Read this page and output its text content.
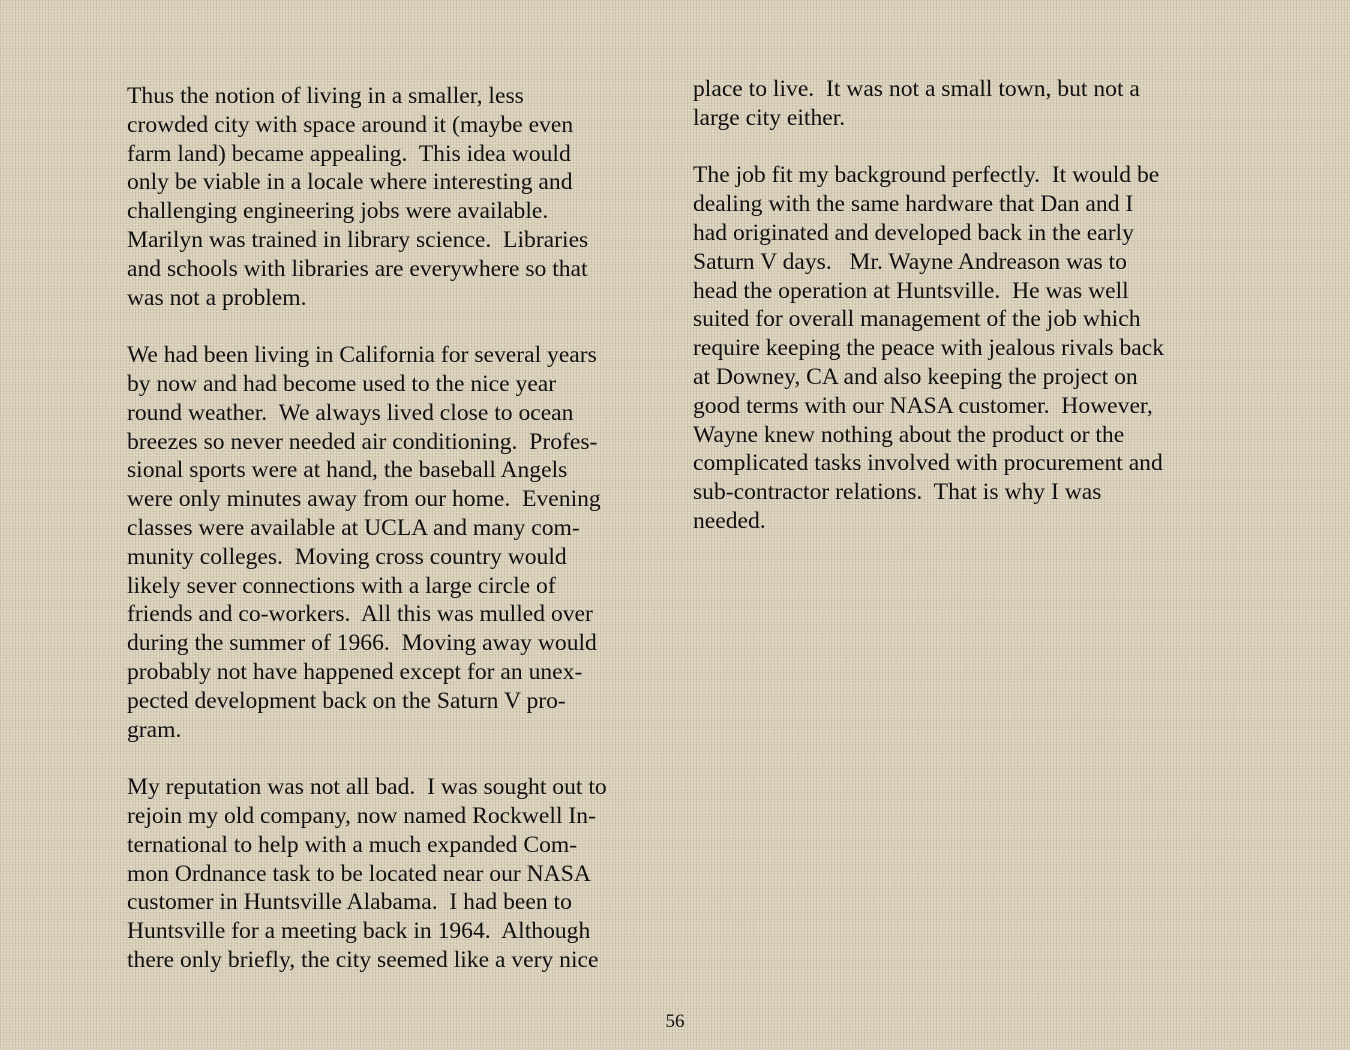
Thus the notion of living in a smaller, less
crowded city with space around it (maybe even
farm land) became appealing.  This idea would
only be viable in a locale where interesting and
challenging engineering jobs were available.
Marilyn was trained in library science.  Libraries
and schools with libraries are everywhere so that
was not a problem.
We had been living in California for several years
by now and had become used to the nice year
round weather.  We always lived close to ocean
breezes so never needed air conditioning.  Profes-
sional sports were at hand, the baseball Angels
were only minutes away from our home.  Evening
classes were available at UCLA and many com-
munity colleges.  Moving cross country would
likely sever connections with a large circle of
friends and co-workers.  All this was mulled over
during the summer of 1966.  Moving away would
probably not have happened except for an unex-
pected development back on the Saturn V pro-
gram.
My reputation was not all bad.  I was sought out to
rejoin my old company, now named Rockwell In-
ternational to help with a much expanded Com-
mon Ordnance task to be located near our NASA
customer in Huntsville Alabama.  I had been to
Huntsville for a meeting back in 1964.  Although
there only briefly, the city seemed like a very nice
place to live.  It was not a small town, but not a
large city either.
The job fit my background perfectly.  It would be
dealing with the same hardware that Dan and I
had originated and developed back in the early
Saturn V days.   Mr. Wayne Andreason was to
head the operation at Huntsville.  He was well
suited for overall management of the job which
require keeping the peace with jealous rivals back
at Downey, CA and also keeping the project on
good terms with our NASA customer.  However,
Wayne knew nothing about the product or the
complicated tasks involved with procurement and
sub-contractor relations.  That is why I was
needed.
56
